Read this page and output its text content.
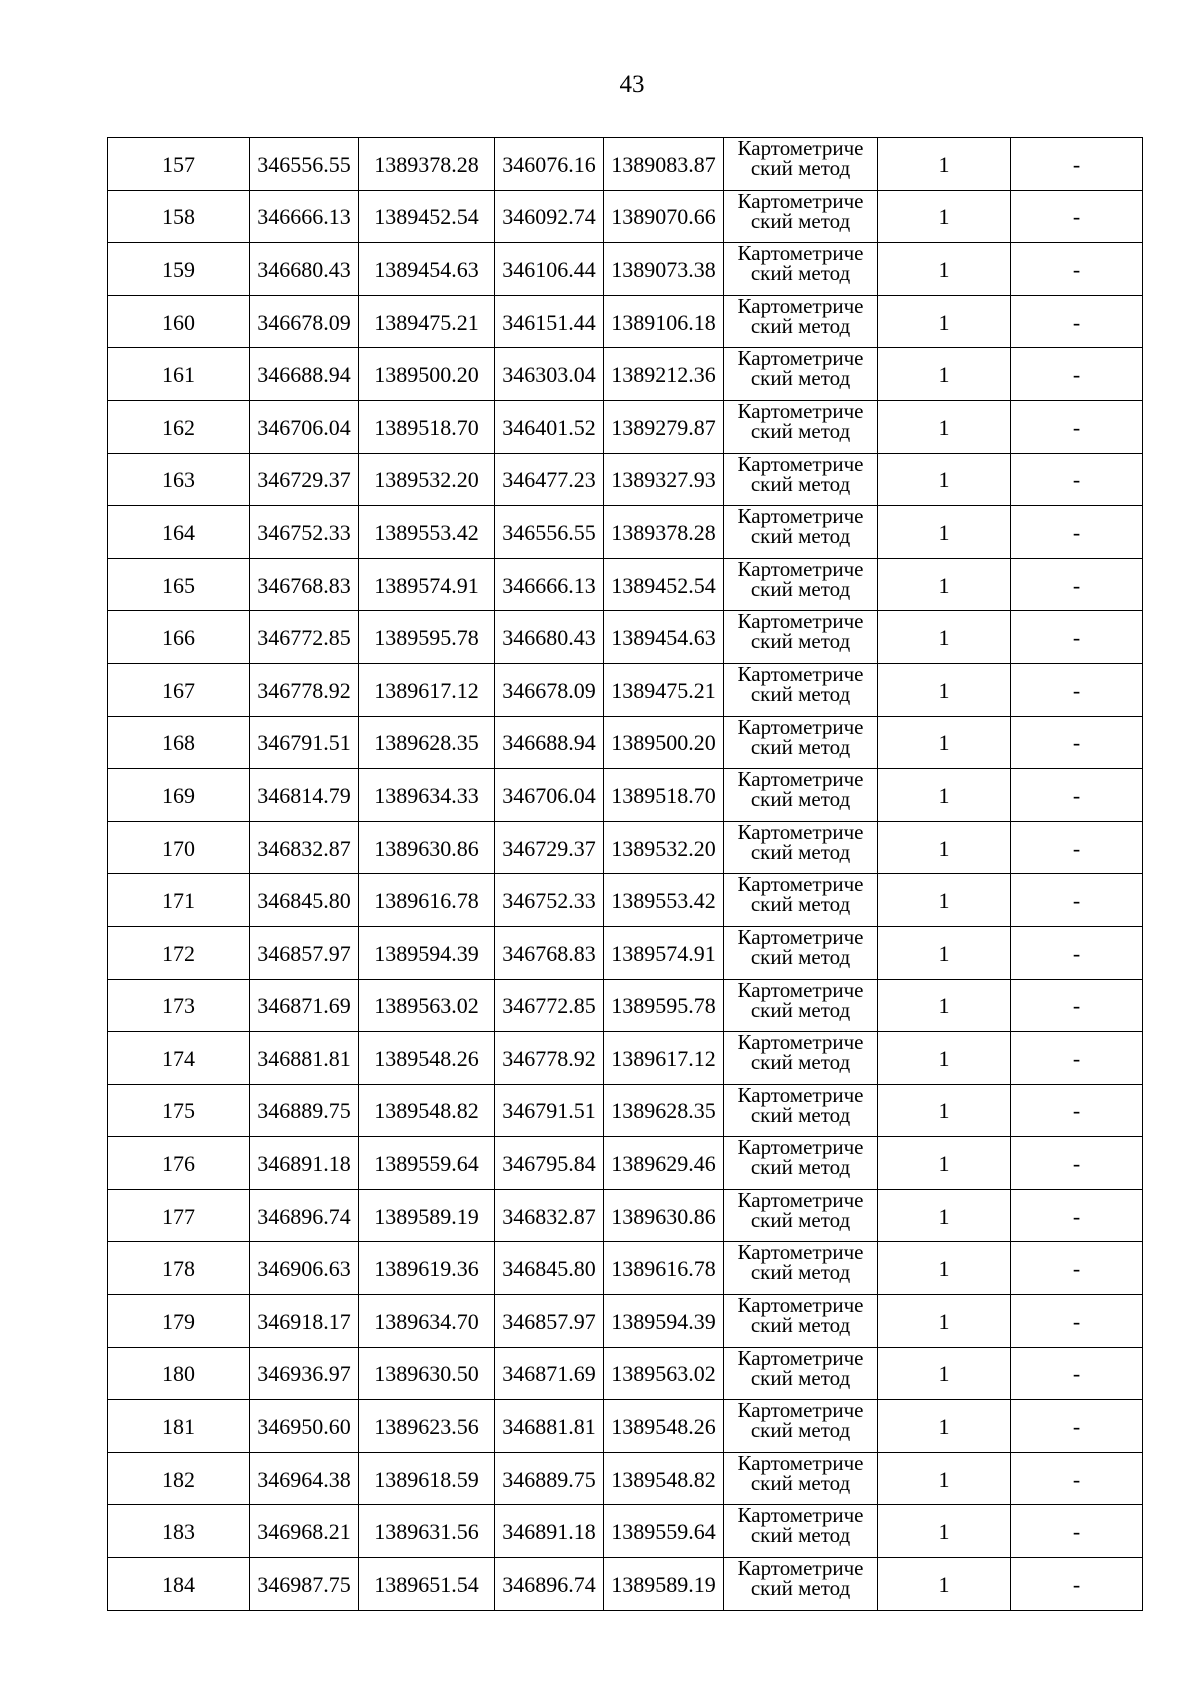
43
157	346556.55	1389378.28	346076.16	1389083.87	Картометриче
ский метод	1	-
158	346666.13	1389452.54	346092.74	1389070.66	Картометриче
ский метод	1	-
159	346680.43	1389454.63	346106.44	1389073.38	Картометриче
ский метод	1	-
160	346678.09	1389475.21	346151.44	1389106.18	Картометриче
ский метод	1	-
161	346688.94	1389500.20	346303.04	1389212.36	Картометриче
ский метод	1	-
162	346706.04	1389518.70	346401.52	1389279.87	Картометриче
ский метод	1	-
163	346729.37	1389532.20	346477.23	1389327.93	Картометриче
ский метод	1	-
164	346752.33	1389553.42	346556.55	1389378.28	Картометриче
ский метод	1	-
165	346768.83	1389574.91	346666.13	1389452.54	Картометриче
ский метод	1	-
166	346772.85	1389595.78	346680.43	1389454.63	Картометриче
ский метод	1	-
167	346778.92	1389617.12	346678.09	1389475.21	Картометриче
ский метод	1	-
168	346791.51	1389628.35	346688.94	1389500.20	Картометриче
ский метод	1	-
169	346814.79	1389634.33	346706.04	1389518.70	Картометриче
ский метод	1	-
170	346832.87	1389630.86	346729.37	1389532.20	Картометриче
ский метод	1	-
171	346845.80	1389616.78	346752.33	1389553.42	Картометриче
ский метод	1	-
172	346857.97	1389594.39	346768.83	1389574.91	Картометриче
ский метод	1	-
173	346871.69	1389563.02	346772.85	1389595.78	Картометриче
ский метод	1	-
174	346881.81	1389548.26	346778.92	1389617.12	Картометриче
ский метод	1	-
175	346889.75	1389548.82	346791.51	1389628.35	Картометриче
ский метод	1	-
176	346891.18	1389559.64	346795.84	1389629.46	Картометриче
ский метод	1	-
177	346896.74	1389589.19	346832.87	1389630.86	Картометриче
ский метод	1	-
178	346906.63	1389619.36	346845.80	1389616.78	Картометриче
ский метод	1	-
179	346918.17	1389634.70	346857.97	1389594.39	Картометриче
ский метод	1	-
180	346936.97	1389630.50	346871.69	1389563.02	Картометриче
ский метод	1	-
181	346950.60	1389623.56	346881.81	1389548.26	Картометриче
ский метод	1	-
182	346964.38	1389618.59	346889.75	1389548.82	Картометриче
ский метод	1	-
183	346968.21	1389631.56	346891.18	1389559.64	Картометриче
ский метод	1	-
184	346987.75	1389651.54	346896.74	1389589.19	Картометриче
ский метод	1	-
